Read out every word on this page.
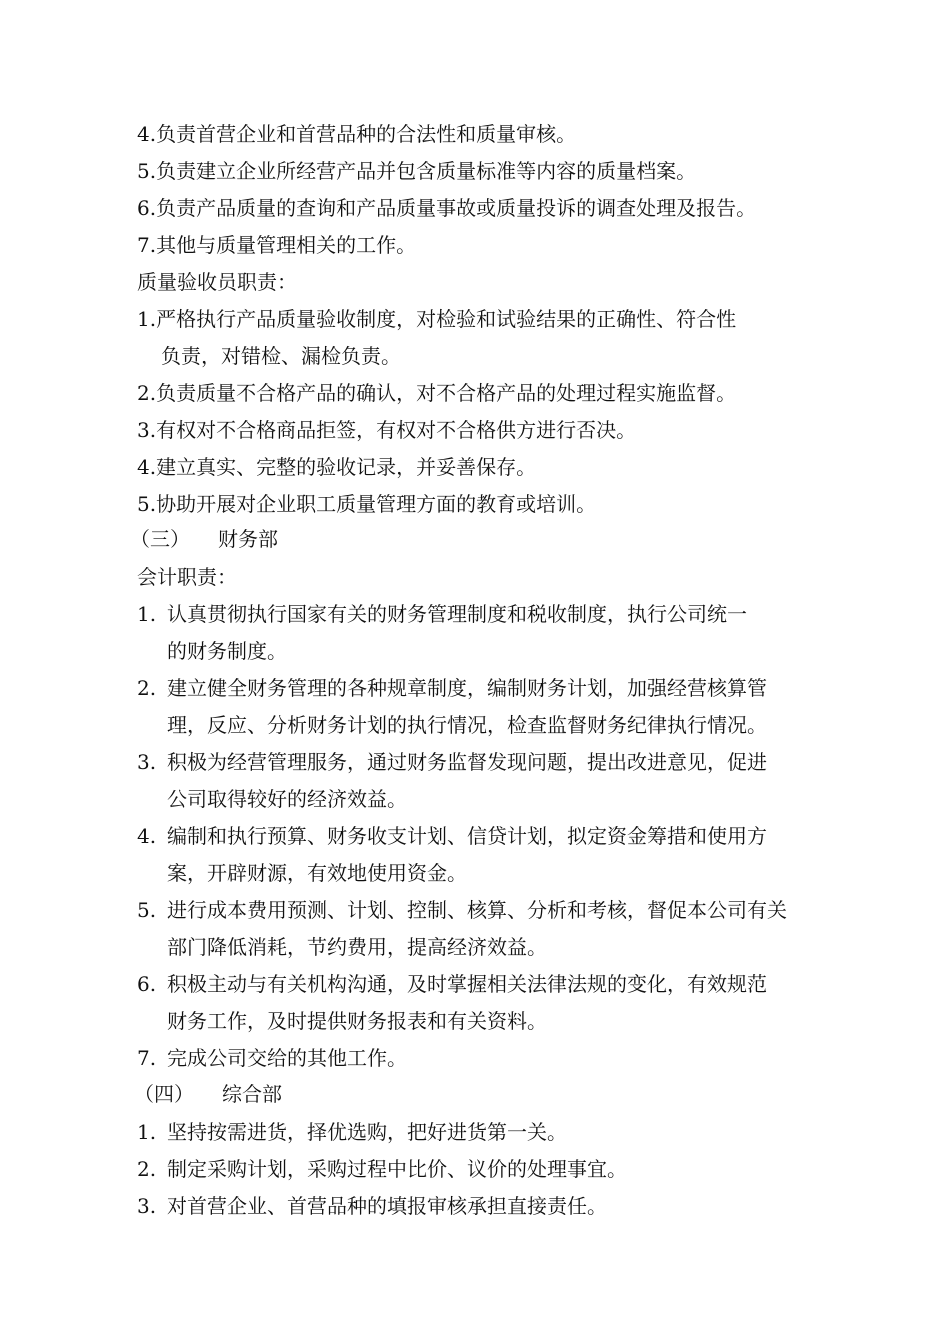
4.负责首营企业和首营品种的合法性和质量审核。
5.负责建立企业所经营产品并包含质量标准等内容的质量档案。
6.负责产品质量的查询和产品质量事故或质量投诉的调查处理及报告。
7.其他与质量管理相关的工作。
质量验收员职责：
1.严格执行产品质量验收制度，对检验和试验结果的正确性、符合性
负责，对错检、漏检负责。
2.负责质量不合格产品的确认，对不合格产品的处理过程实施监督。
3.有权对不合格商品拒签，有权对不合格供方进行否决。
4.建立真实、完整的验收记录，并妥善保存。
5.协助开展对企业职工质量管理方面的教育或培训。
（三） 财务部
会计职责：
1. 认真贯彻执行国家有关的财务管理制度和税收制度，执行公司统一
的财务制度。
2. 建立健全财务管理的各种规章制度，编制财务计划，加强经营核算管
理，反应、分析财务计划的执行情况，检查监督财务纪律执行情况。
3. 积极为经营管理服务，通过财务监督发现问题，提出改进意见，促进
公司取得较好的经济效益。
4. 编制和执行预算、财务收支计划、信贷计划，拟定资金筹措和使用方
案，开辟财源，有效地使用资金。
5. 进行成本费用预测、计划、控制、核算、分析和考核，督促本公司有关
部门降低消耗，节约费用，提高经济效益。
6. 积极主动与有关机构沟通，及时掌握相关法律法规的变化，有效规范
财务工作，及时提供财务报表和有关资料。
7. 完成公司交给的其他工作。
（四） 综合部
1. 坚持按需进货，择优选购，把好进货第一关。
2. 制定采购计划，采购过程中比价、议价的处理事宜。
3. 对首营企业、首营品种的填报审核承担直接责任。
